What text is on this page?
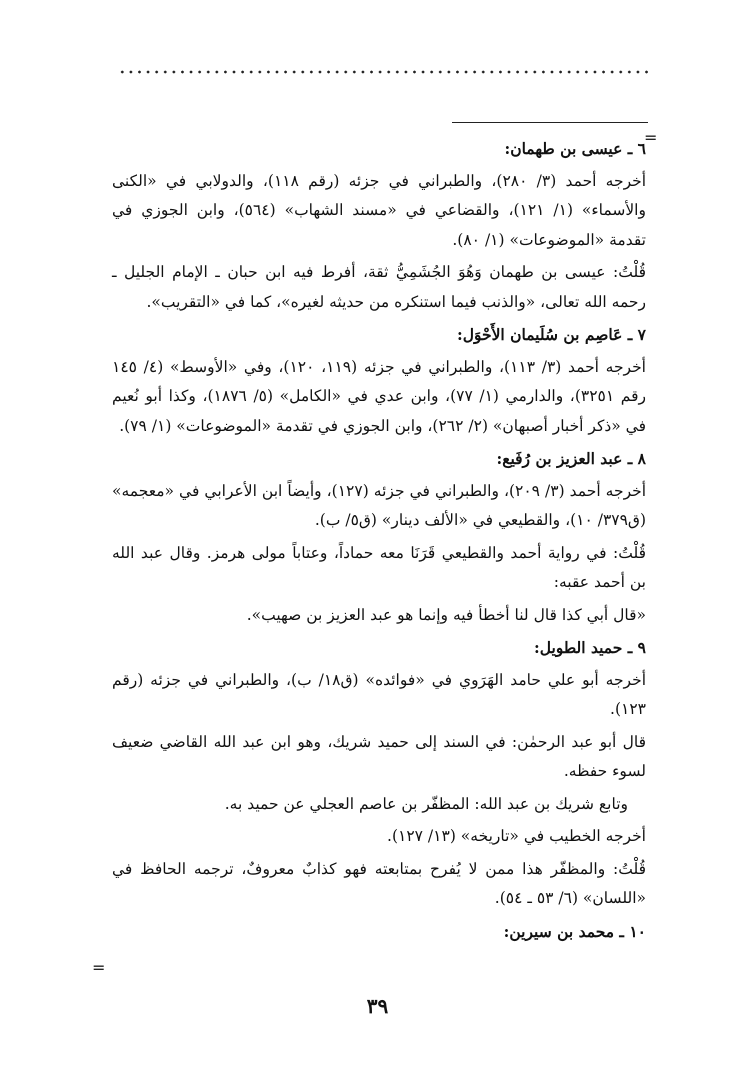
=

٦ ـ عيسى بن طهمان:

أخرجه أحمد (٣/ ٢٨٠)، والطبراني في جزئه (رقم ١١٨)، والدولابي في «الكنى والأسماء» (١/ ١٢١)، والقضاعي في «مسند الشهاب» (٥٦٤)، وابن الجوزي في تقدمة «الموضوعات» (١/ ٨٠).

قُلْتُ: عيسى بن طهمان وَهُوَ الجُشَمِيُّ ثقة، أفرط فيه ابن حبان ـ الإمام الجليل ـ رحمه الله تعالى، «والذنب فيما استنكره من حديثه لغيره»، كما في «التقريب».

٧ ـ عَاصِم بن سُلَيمان الأَحْوَل:

أخرجه أحمد (٣/ ١١٣)، والطبراني في جزئه (١١٩، ١٢٠)، وفي «الأوسط» (٤/ ١٤٥ رقم ٣٢٥١)، والدارمي (١/ ٧٧)، وابن عدي في «الكامل» (٥/ ١٨٧٦)، وكذا أبو نُعيم في «ذكر أخبار أصبهان» (٢/ ٢٦٢)، وابن الجوزي في تقدمة «الموضوعات» (١/ ٧٩).

٨ ـ عبد العزيز بن رُفَيع:

أخرجه أحمد (٣/ ٢٠٩)، والطبراني في جزئه (١٢٧)، وأيضاً ابن الأعرابي في «معجمه» (ق٣٧٩/ ١٠)، والقطيعي في «الألف دينار» (ق٥/ ب).

قُلْتُ: في رواية أحمد والقطيعي قَرَنَا معه حماداً، وعتاباً مولى هرمز. وقال عبد الله بن أحمد عقبه:

«قال أبي كذا قال لنا أخطأ فيه وإنما هو عبد العزيز بن صهيب».

٩ ـ حميد الطويل:

أخرجه أبو علي حامد الهَرَوي في «فوائده» (ق١٨/ ب)، والطبراني في جزئه (رقم ١٢٣).

قال أبو عبد الرحمٰن: في السند إلى حميد شريك، وهو ابن عبد الله القاضي ضعيف لسوء حفظه.

وتابع شريك بن عبد الله: المظفّر بن عاصم العجلي عن حميد به.

أخرجه الخطيب في «تاريخه» (١٣/ ١٢٧).

قُلْتُ: والمظفّر هذا ممن لا يُفرح بمتابعته فهو كذابٌ معروفٌ، ترجمه الحافظ في «اللسان» (٦/ ٥٣ ـ ٥٤).

١٠ ـ محمد بن سيرين:

=
٣٩
